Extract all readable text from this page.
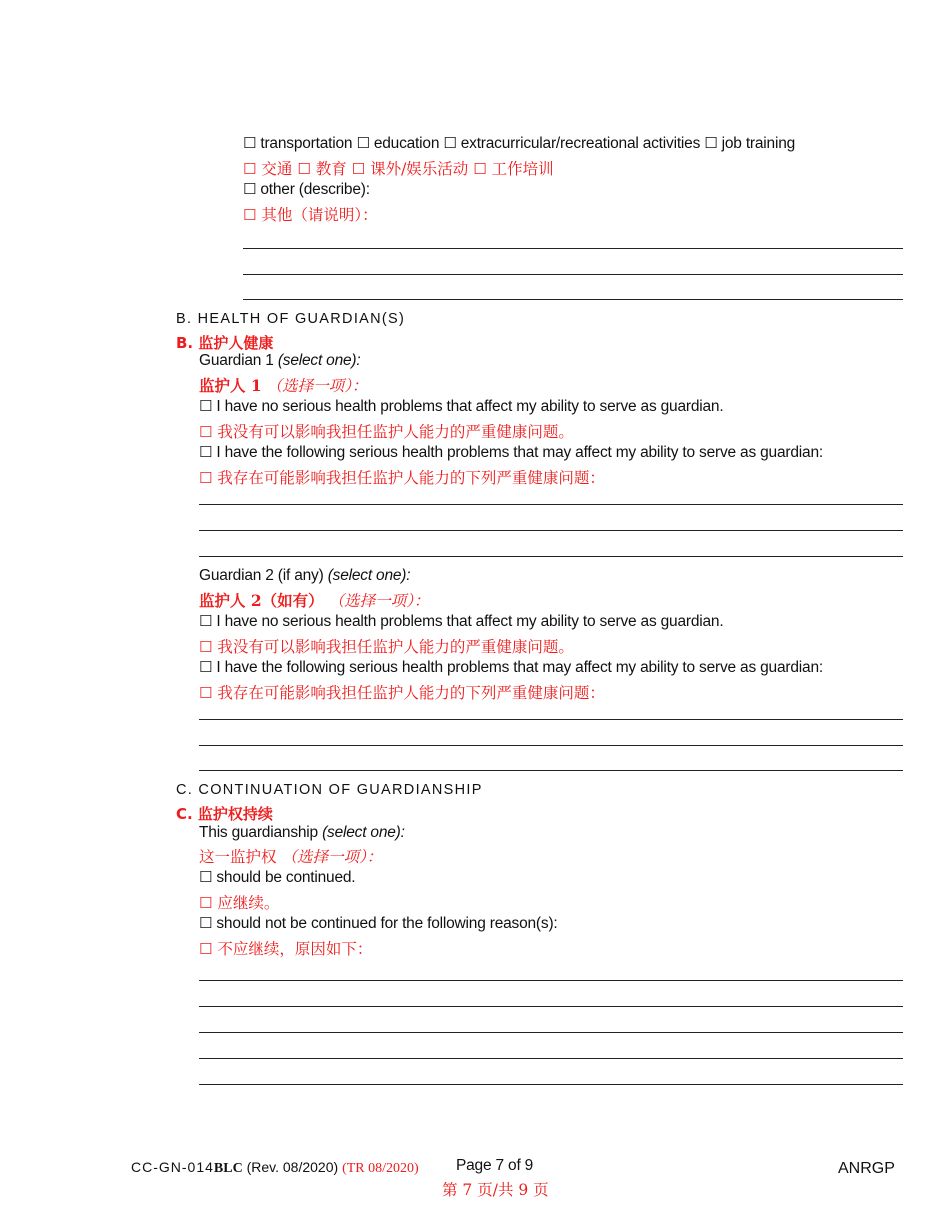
☐ transportation ☐ education ☐ extracurricular/recreational activities ☐ job training
☐ 交通 ☐ 教育 ☐ 课外/娱乐活动 ☐ 工作培训
☐ other (describe):
☐ 其他（请说明）：
B. HEALTH OF GUARDIAN(S)
B. 监护人健康
Guardian 1 (select one):
监护人 1 （选择一项）：
☐ I have no serious health problems that affect my ability to serve as guardian.
☐ 我没有可以影响我担任监护人能力的严重健康问题。
☐ I have the following serious health problems that may affect my ability to serve as guardian:
☐ 我存在可能影响我担任监护人能力的下列严重健康问题：
Guardian 2 (if any) (select one):
监护人 2（如有） （选择一项）：
☐ I have no serious health problems that affect my ability to serve as guardian.
☐ 我没有可以影响我担任监护人能力的严重健康问题。
☐ I have the following serious health problems that may affect my ability to serve as guardian:
☐ 我存在可能影响我担任监护人能力的下列严重健康问题：
C. CONTINUATION OF GUARDIANSHIP
C. 监护权持续
This guardianship (select one):
这一监护权 （选择一项）：
☐ should be continued.
☐ 应继续。
☐ should not be continued for the following reason(s):
☐ 不应继续，原因如下：
CC-GN-014BLC (Rev. 08/2020) (TR 08/2020) Page 7 of 9
第 7 页/共 9 页
ANRGP
